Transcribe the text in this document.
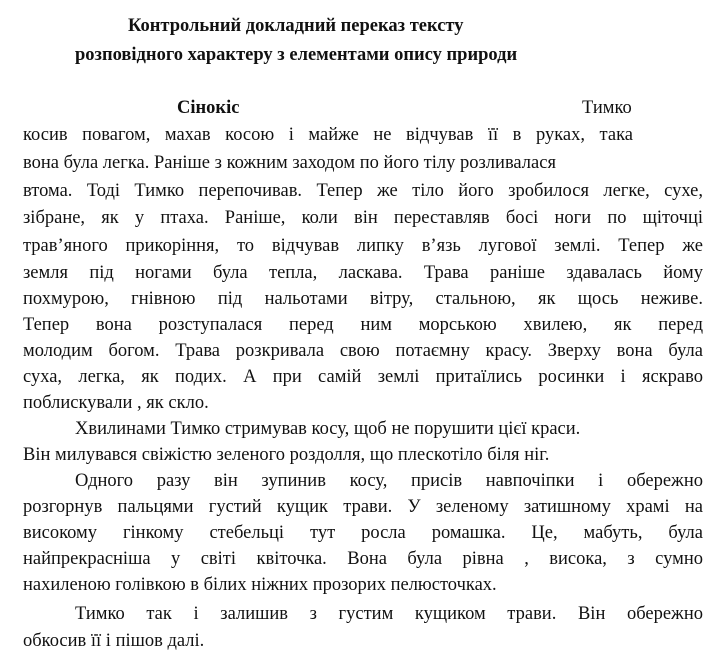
Контрольний докладний переказ тексту
розповідного характеру з елементами опису природи
Сінокіс	Тимко
косив повагом, махав косою і майже не відчував її в руках, така
вона була легка. Раніше з кожним заходом по його тілу розливалася
втома. Тоді Тимко перепочивав. Тепер же тіло його зробилося легке, сухе,
зібране, як у птаха. Раніше, коли він переставляв босі ноги по щіточці
трав’яного прикоріння, то відчував липку в’язь лугової землі. Тепер же
земля під ногами була тепла, ласкава. Трава раніше здавалась йому
похмурою, гнівною під нальотами вітру, стальною, як щось неживе.
Тепер вона розступалася перед ним морською хвилею, як перед
молодим богом. Трава розкривала свою потаємну красу. Зверху вона була
суха, легка, як подих. А при самій землі притаїлись росинки і яскраво
поблискували , як скло.
Хвилинами Тимко стримував косу, щоб не порушити цієї краси.
Він милувався свіжістю зеленого роздолля, що плескотіло біля ніг.
Одного разу він зупинив косу, присів навпочіпки і обережно
розгорнув пальцями густий кущик трави. У зеленому затишному храмі на
високому гінкому стебельці тут росла ромашка. Це, мабуть, була
найпрекрасніша у світі квіточка. Вона була рівна , висока, з сумно
нахиленою голівкою в білих ніжних прозорих пелюсточках.
Тимко так і залишив з густим кущиком трави. Він обережно
обкосив її і пішов далі.
